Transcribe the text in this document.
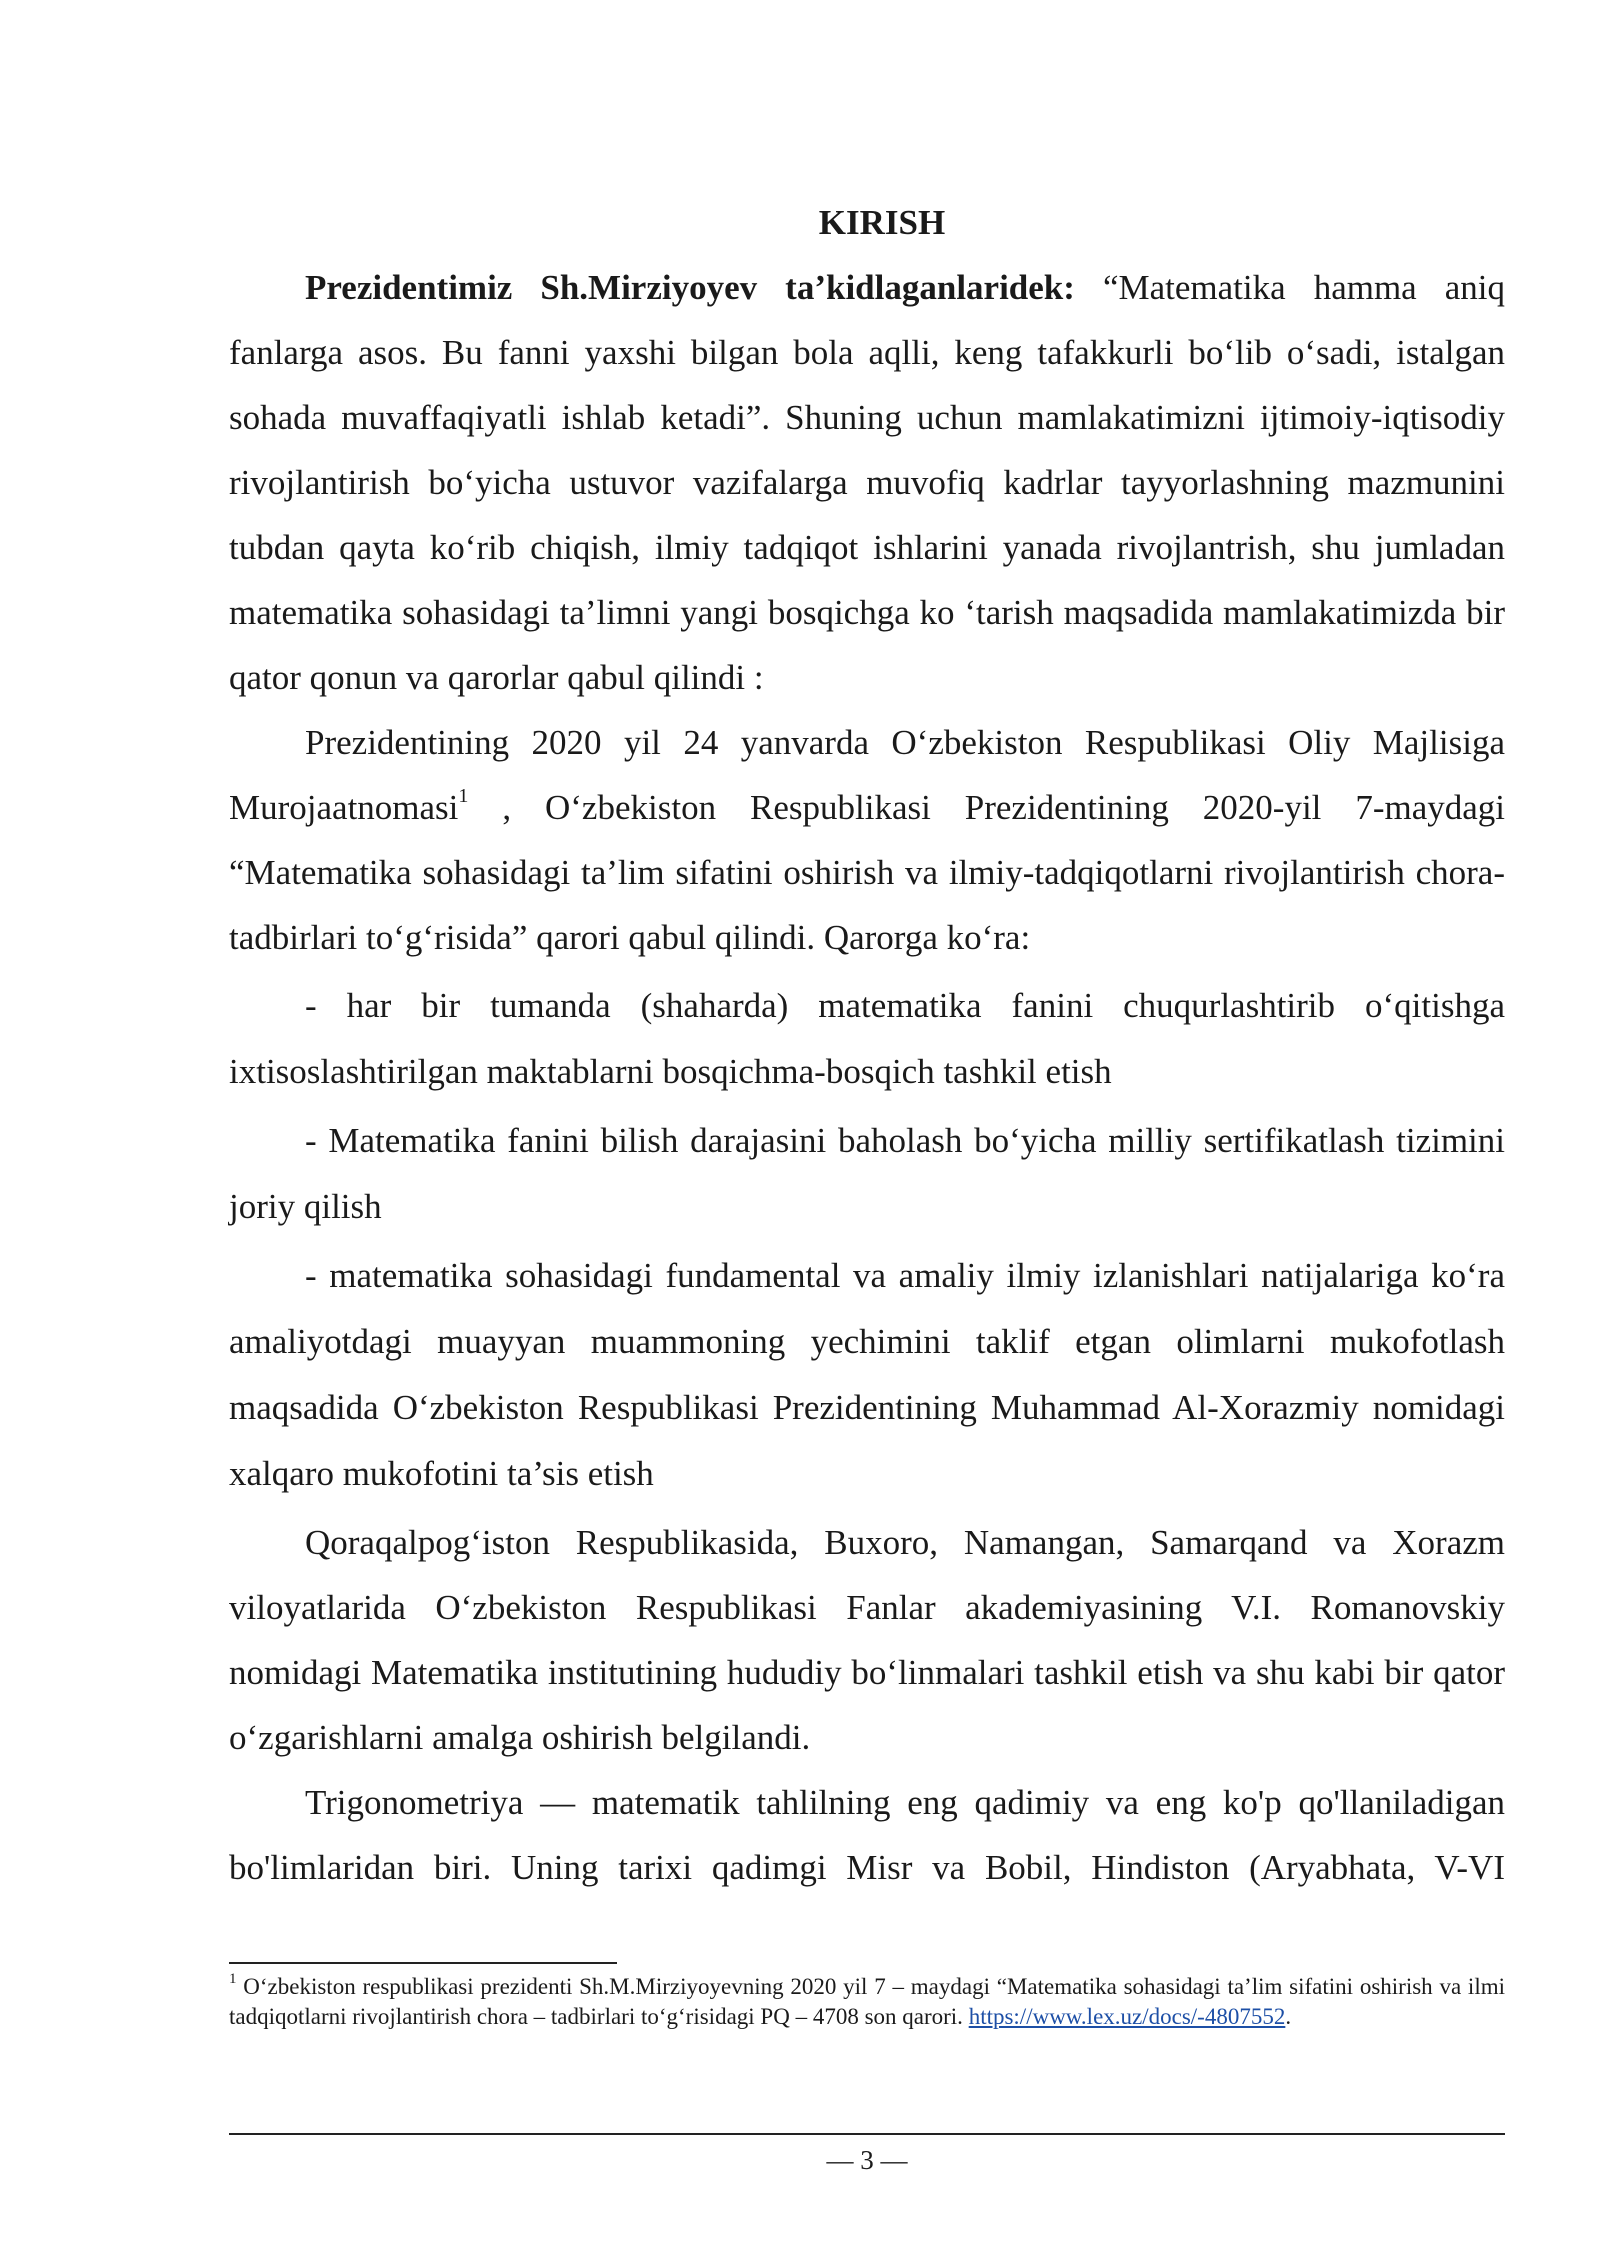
KIRISH

Prezidentimiz Sh.Mirziyoyev ta’kidlaganlaridek: “Matematika hamma aniq fanlarga asos. Bu fanni yaxshi bilgan bola aqlli, keng tafakkurli bo‘lib o‘sadi, istalgan sohada muvaffaqiyatli ishlab ketadi”. Shuning uchun mamlakatimizni ijtimoiy-iqtisodiy rivojlantirish bo‘yicha ustuvor vazifalarga muvofiq kadrlar tayyorlashning mazmunini tubdan qayta ko‘rib chiqish, ilmiy tadqiqot ishlarini yanada rivojlantrish, shu jumladan matematika sohasidagi ta’limni yangi bosqichga ko ‘tarish maqsadida mamlakatimizda bir qator qonun va qarorlar qabul qilindi :

Prezidentining 2020 yil 24 yanvarda O‘zbekiston Respublikasi Oliy Majlisiga Murojaatnomasi$^1$ , O‘zbekiston Respublikasi Prezidentining 2020-yil 7-maydagi “Matematika sohasidagi ta’lim sifatini oshirish va ilmiy-tadqiqotlarni rivojlantirish chora-tadbirlari to‘g‘risida” qarori qabul qilindi. Qarorga ko‘ra:

- har bir tumanda (shaharda) matematika fanini chuqurlashtirib o‘qitishga ixtisoslashtirilgan maktablarni bosqichma-bosqich tashkil etish

- Matematika fanini bilish darajasini baholash bo‘yicha milliy sertifikatlash tizimini joriy qilish

- matematika sohasidagi fundamental va amaliy ilmiy izlanishlari natijalariga ko‘ra amaliyotdagi muayyan muammoning yechimini taklif etgan olimlarni mukofotlash maqsadida O‘zbekiston Respublikasi Prezidentining Muhammad Al-Xorazmiy nomidagi xalqaro mukofotini ta’sis etish

Qoraqalpog‘iston Respublikasida, Buxoro, Namangan, Samarqand va Xorazm viloyatlarida O‘zbekiston Respublikasi Fanlar akademiyasining V.I. Romanovskiy nomidagi Matematika institutining hududiy bo‘linmalari tashkil etish va shu kabi bir qator o‘zgarishlarni amalga oshirish belgilandi.

Trigonometriya — matematik tahlilning eng qadimiy va eng ko'p qo'llaniladigan bo'limlaridan biri. Uning tarixi qadimgi Misr va Bobil, Hindiston (Aryabhata, V-VI

$^1$ O‘zbekiston respublikasi prezidenti Sh.M.Mirziyoyevning 2020 yil 7 – maydagi “Matematika sohasidagi ta’lim sifatini oshirish va ilmi tadqiqotlarni rivojlantirish chora – tadbirlari to‘g‘risidagi PQ – 4708 son qarori. https://www.lex.uz/docs/-4807552.

— 3 —
